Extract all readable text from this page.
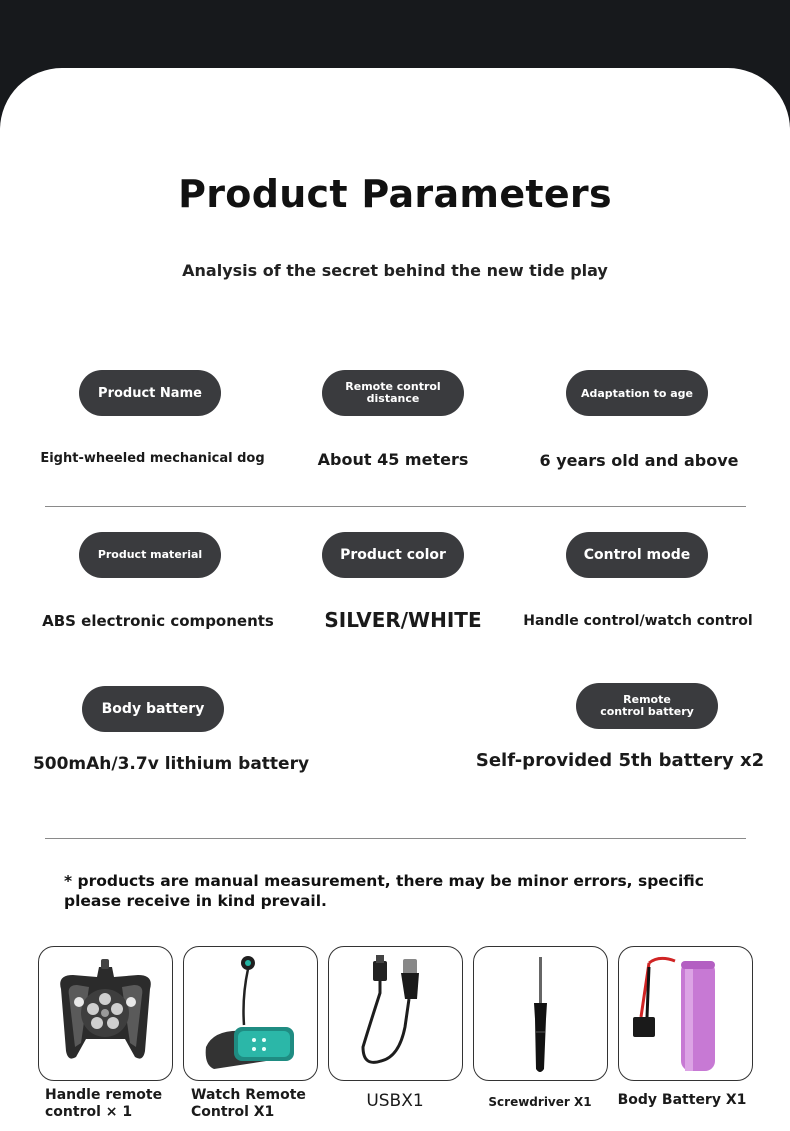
Product Parameters
Analysis of the secret behind the new tide play
Product Name
Eight-wheeled mechanical dog
Remote control distance
About 45 meters
Adaptation to age
6 years old and above
Product material
ABS electronic components
Product color
SILVER/WHITE
Control mode
Handle control/watch control
Body battery
500mAh/3.7v lithium battery
Remote control battery
Self-provided 5th battery x2
* products are manual measurement, there may be minor errors, specific please receive in kind prevail.
Handle remote control × 1
Watch Remote Control X1
USBX1	Screwdriver X1	Body Battery X1
